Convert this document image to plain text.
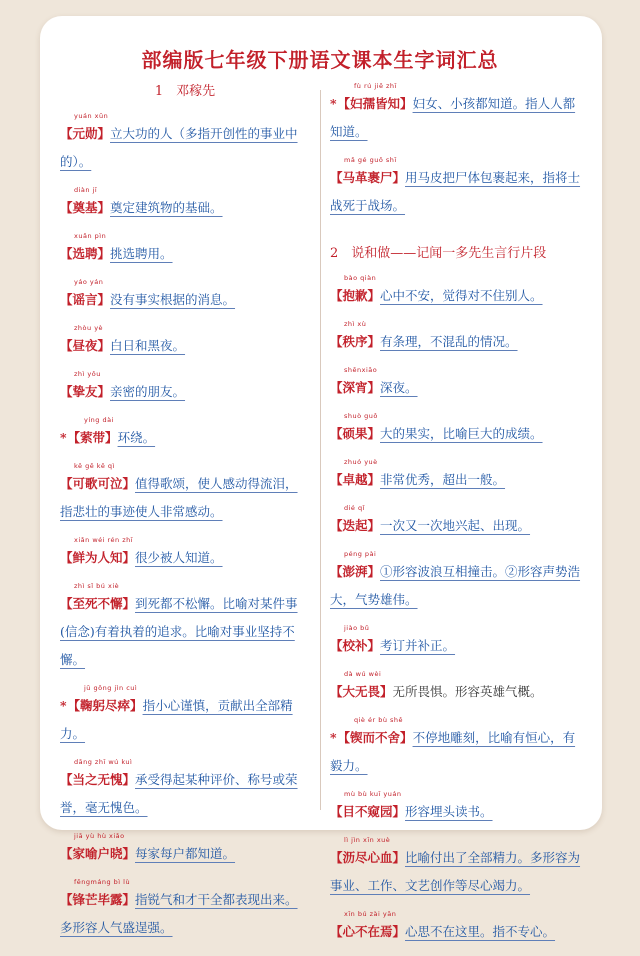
部编版七年级下册语文课本生字词汇总
1　邓稼先
yuán xūn
【元勋】立大功的人（多指开创性的事业中的）。
diàn jī
【奠基】奠定建筑物的基础。
xuǎn pìn
【选聘】挑选聘用。
yáo yán
【谣言】没有事实根据的消息。
zhòu yè
【昼夜】白日和黑夜。
zhì yǒu
【挚友】亲密的朋友。
yíng dài
*【萦带】环绕。
kě gē kě qì
【可歌可泣】值得歌颂，使人感动得流泪，指悲壮的事迹使人非常感动。
xiǎn wéi rén zhī
【鲜为人知】很少被人知道。
zhì sǐ bú xiè
【至死不懈】到死都不松懈。比喻对某件事(信念)有着执着的追求。比喻对事业坚持不懈。
jū gōng jìn cuì
*【鞠躬尽瘁】指小心谨慎，贡献出全部精力。
dāng zhī wú kuì
【当之无愧】承受得起某种评价、称号或荣誉，毫无愧色。
jiā yù hù xiǎo
【家喻户晓】每家每户都知道。
fēngmáng bì lù
【锋芒毕露】指锐气和才干全都表现出来。多形容人气盛逞强。
fù rú jiē zhī
*【妇孺皆知】妇女、小孩都知道。指人人都知道。
mǎ gé guǒ shī
【马革裹尸】用马皮把尸体包裹起来，指将士战死于战场。
2　说和做——记闻一多先生言行片段
bào qiàn
【抱歉】心中不安，觉得对不住别人。
zhì xù
【秩序】有条理，不混乱的情况。
shēnxiāo
【深宵】深夜。
shuò guǒ
【硕果】大的果实，比喻巨大的成绩。
zhuó yuè
【卓越】非常优秀，超出一般。
dié qǐ
【迭起】一次又一次地兴起、出现。
péng pài
【澎湃】①形容波浪互相撞击。②形容声势浩大，气势雄伟。
jiào bǔ
【校补】考订并补正。
dà wú wèi
【大无畏】无所畏惧。形容英雄气概。
qiè ér bù shě
*【锲而不舍】不停地雕刻，比喻有恒心，有毅力。
mù bù kuī yuán
【目不窥园】形容埋头读书。
lì jìn xīn xuè
【沥尽心血】比喻付出了全部精力。多形容为事业、工作、文艺创作等尽心竭力。
xīn bú zài yān
【心不在焉】心思不在这里。指不专心。
